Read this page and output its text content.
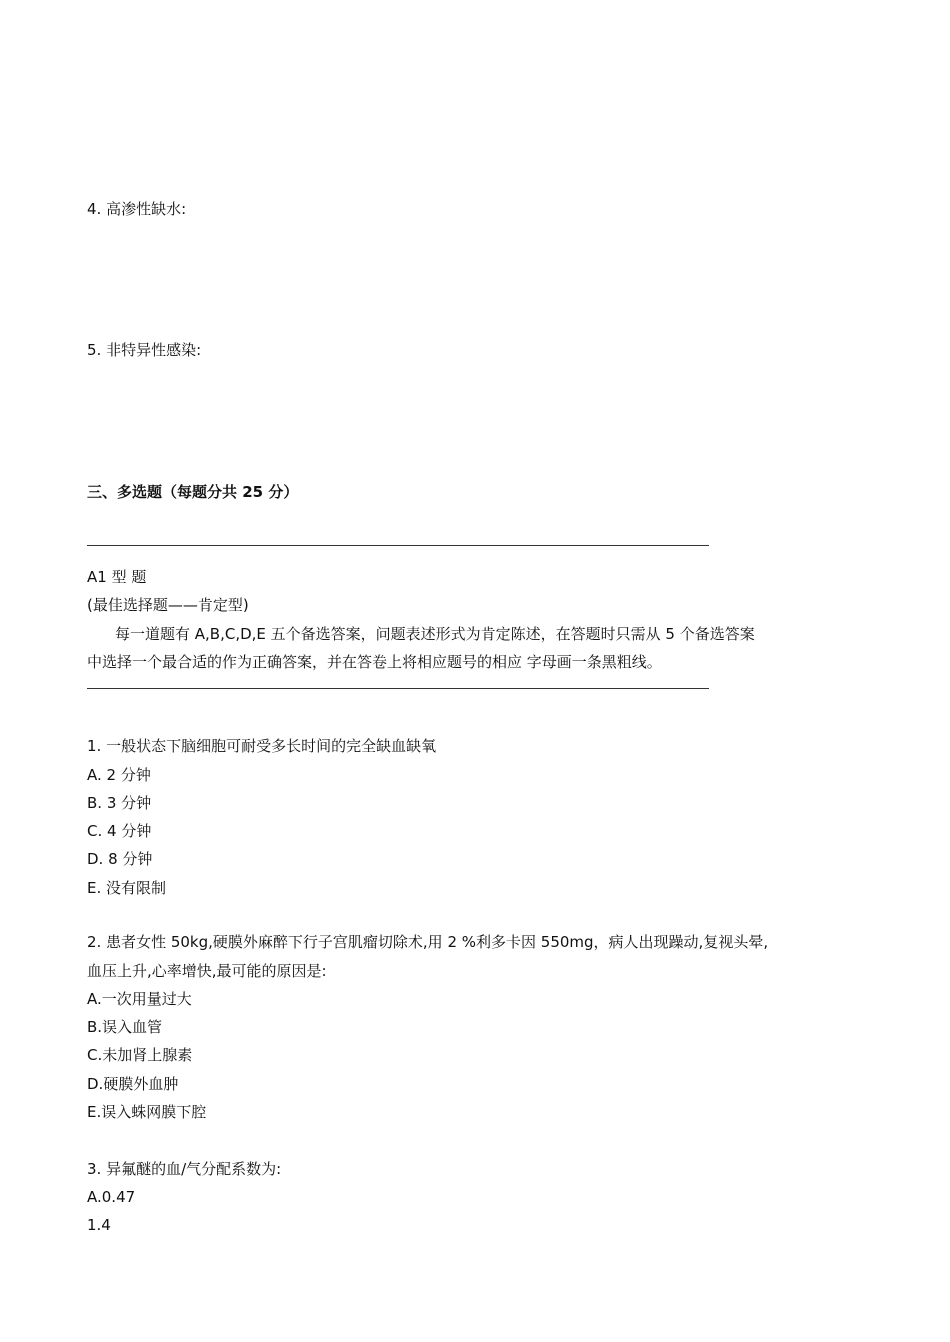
4. 高渗性缺水:
5. 非特异性感染:
三、多选题（每题分共 25 分）
A1 型 题
(最佳选择题——肯定型)
每一道题有 A,B,C,D,E 五个备选答案，问题表述形式为肯定陈述，在答题时只需从 5 个备选答案
中选择一个最合适的作为正确答案，并在答卷上将相应题号的相应 字母画一条黑粗线。
1. 一般状态下脑细胞可耐受多长时间的完全缺血缺氧
A. 2 分钟
B. 3 分钟
C. 4 分钟
D. 8 分钟
E. 没有限制
2. 患者女性 50kg,硬膜外麻醉下行子宫肌瘤切除术,用 2 %利多卡因 550mg，病人出现躁动,复视头晕,
血压上升,心率增快,最可能的原因是:
A.一次用量过大
B.误入血管
C.未加肾上腺素
D.硬膜外血肿
E.误入蛛网膜下腔
3. 异氟醚的血/气分配系数为:
A.0.47
1.4
